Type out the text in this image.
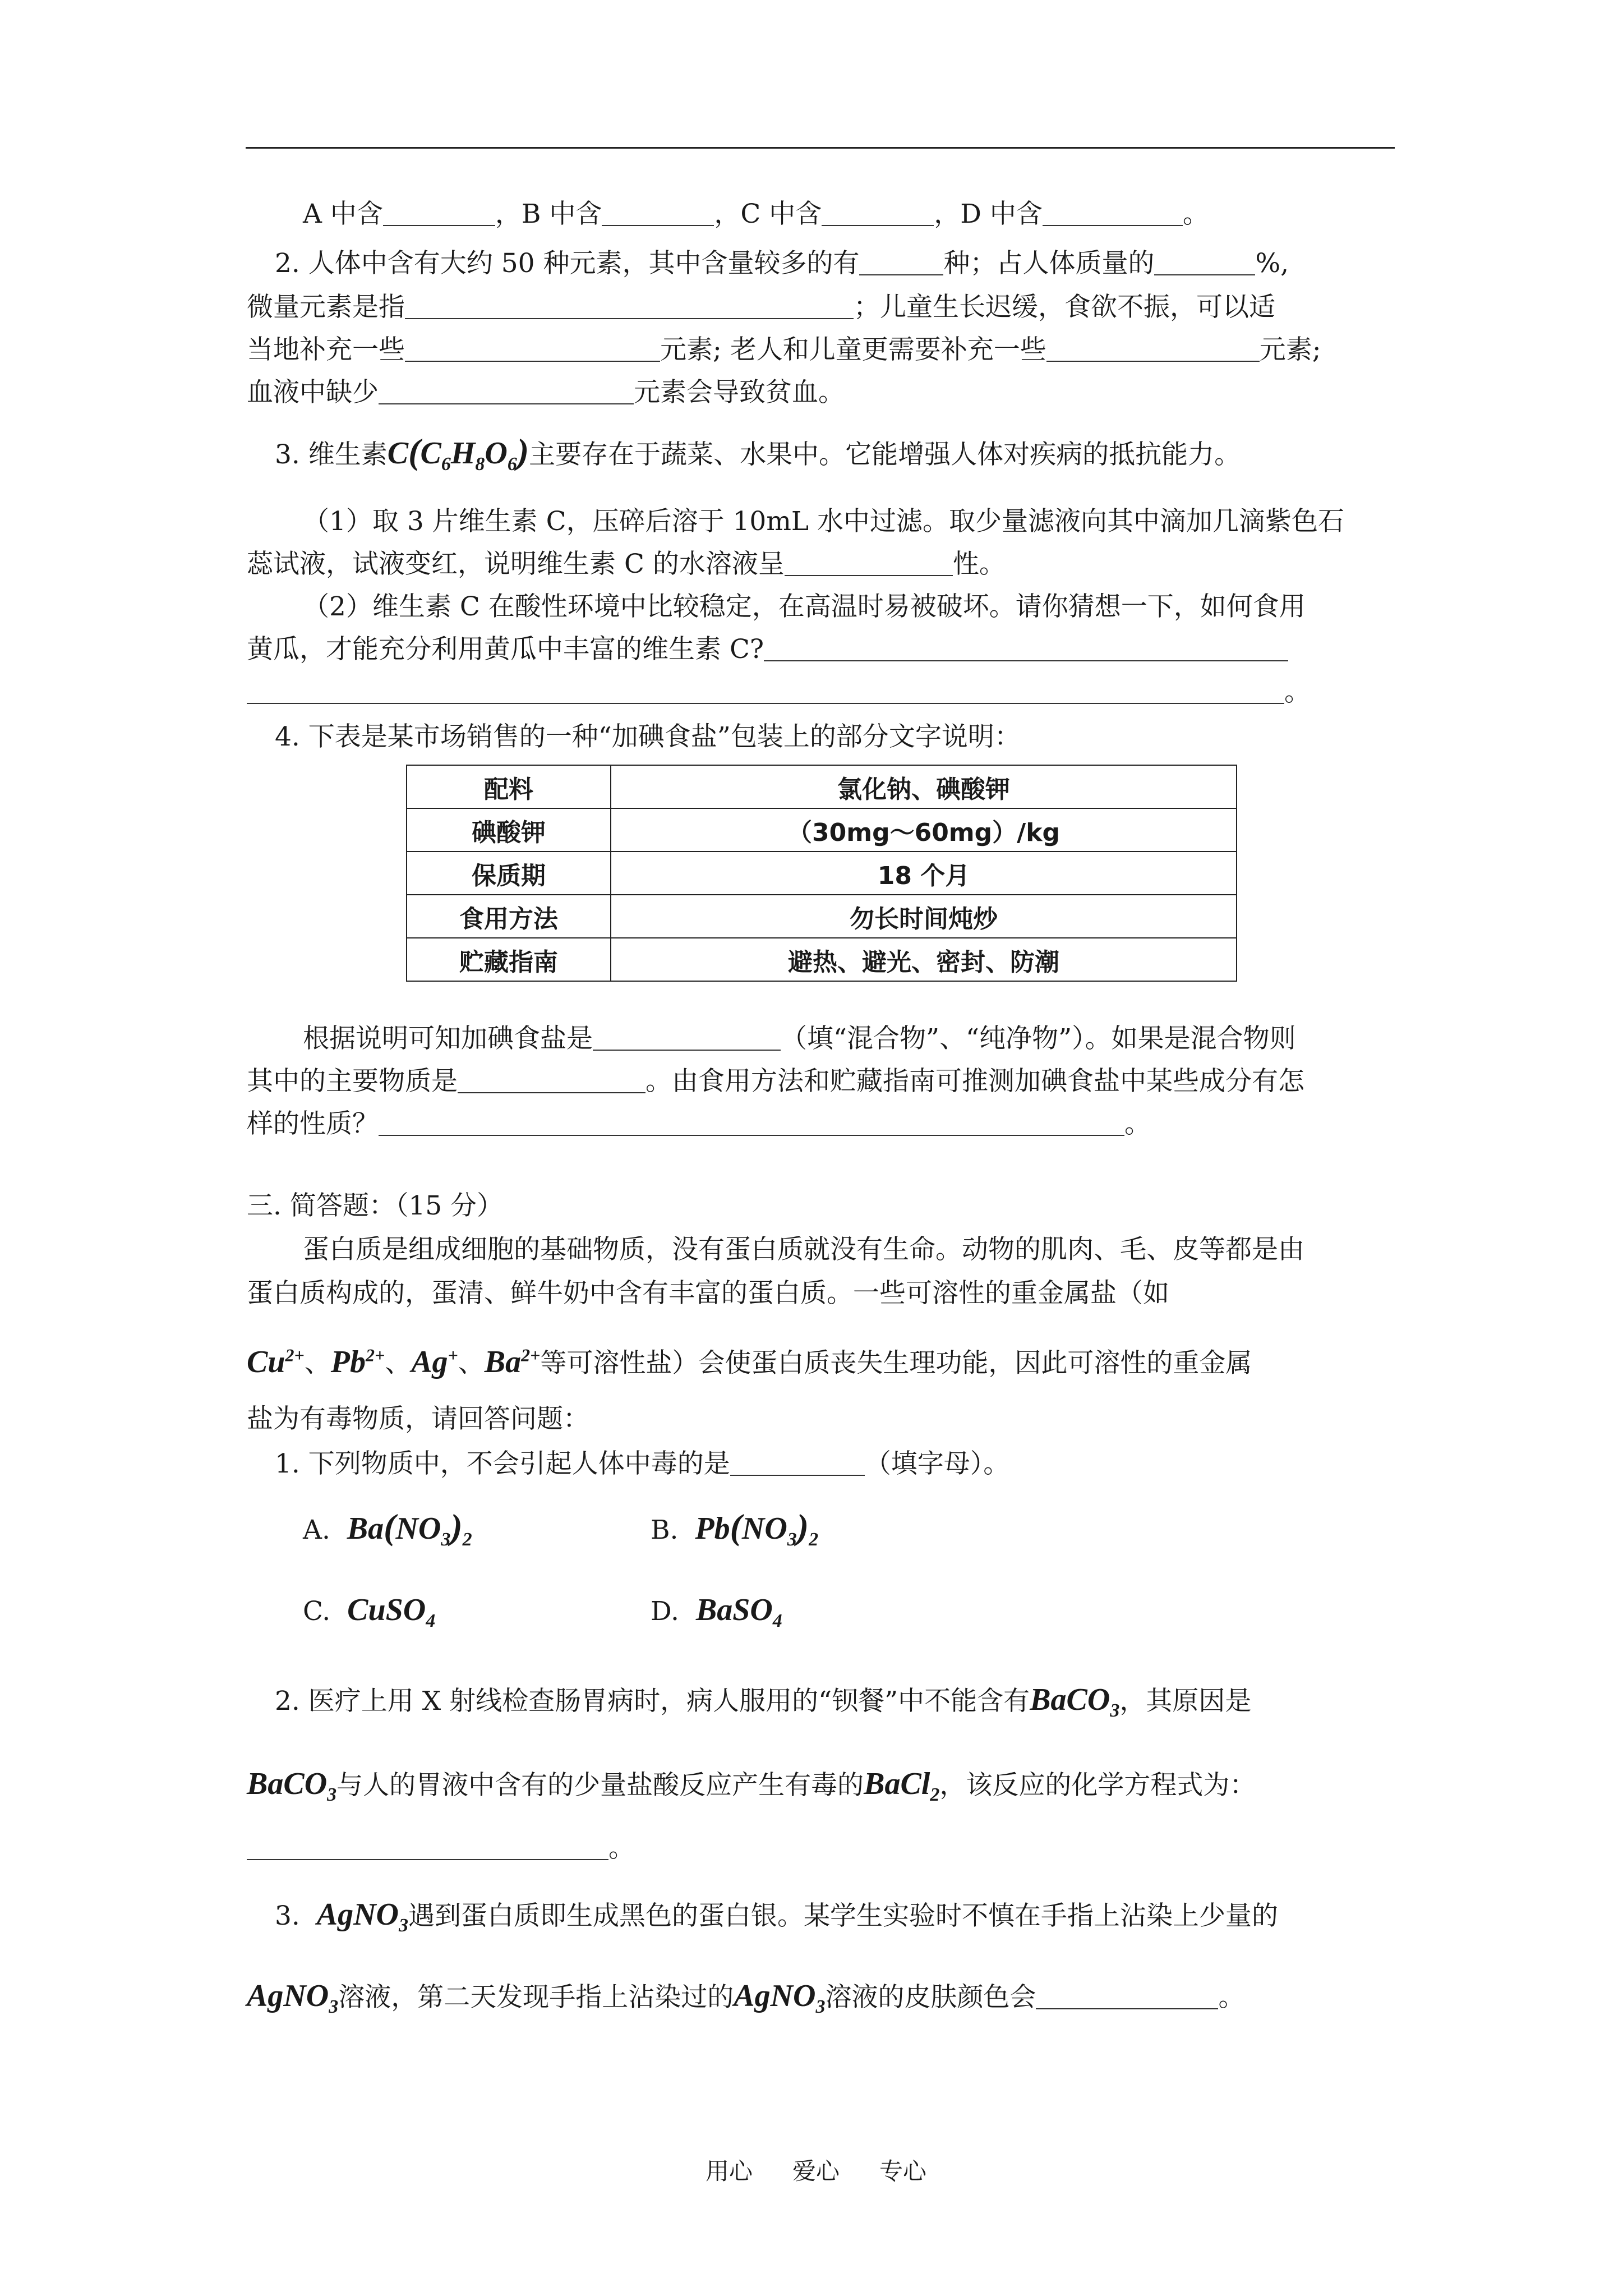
A 中含	，B 中含	，C 中含	，D 中含	。
2. 人体中含有大约 50 种元素，其中含量较多的有	种；占人体质量的	%,
微量元素是指	；儿童生长迟缓，食欲不振，可以适
当地补充一些	元素; 老人和儿童更需要补充一些	元素;
血液中缺少	元素会导致贫血。
3. 维生素$C(C_6H_8O_6)$主要存在于蔬菜、水果中。它能增强人体对疾病的抵抗能力。
（1）取 3 片维生素 C，压碎后溶于 10mL 水中过滤。取少量滤液向其中滴加几滴紫色石
蕊试液，试液变红，说明维生素 C 的水溶液呈	性。
（2）维生素 C 在酸性环境中比较稳定，在高温时易被破坏。请你猜想一下，如何食用
黄瓜，才能充分利用黄瓜中丰富的维生素 C?
。
4. 下表是某市场销售的一种“加碘食盐”包装上的部分文字说明：
配料	氯化钠、碘酸钾
碘酸钾	（30mg～60mg）/kg
保质期	18 个月
食用方法	勿长时间炖炒
贮藏指南	避热、避光、密封、防潮
根据说明可知加碘食盐是	（填“混合物”、“纯净物”）。如果是混合物则
其中的主要物质是	。由食用方法和贮藏指南可推测加碘食盐中某些成分有怎
样的性质？	。
三. 简答题：（15 分）
蛋白质是组成细胞的基础物质，没有蛋白质就没有生命。动物的肌肉、毛、皮等都是由
蛋白质构成的，蛋清、鲜牛奶中含有丰富的蛋白质。一些可溶性的重金属盐（如
$Cu^{2+}$、$Pb^{2+}$、Ag+、$Ba^{2+}$等可溶性盐）会使蛋白质丧失生理功能，因此可溶性的重金属
盐为有毒物质，请回答问题：
1. 下列物质中，不会引起人体中毒的是	（填字母）。
A. $Ba(NO_3)_2$	B. $Pb(NO_3)_2$
C. CuSO$_4$	D. BaSO$_4$
2. 医疗上用 X 射线检查肠胃病时，病人服用的“钡餐”中不能含有BaCO$_3$，其原因是
BaCO$_3$与人的胃液中含有的少量盐酸反应产生有毒的BaCl$_2$，该反应的化学方程式为：
。
3. AgNO$_3$遇到蛋白质即生成黑色的蛋白银。某学生实验时不慎在手指上沾染上少量的
AgNO$_3$溶液，第二天发现手指上沾染过的AgNO$_3$溶液的皮肤颜色会	。
用心 爱心 专心
